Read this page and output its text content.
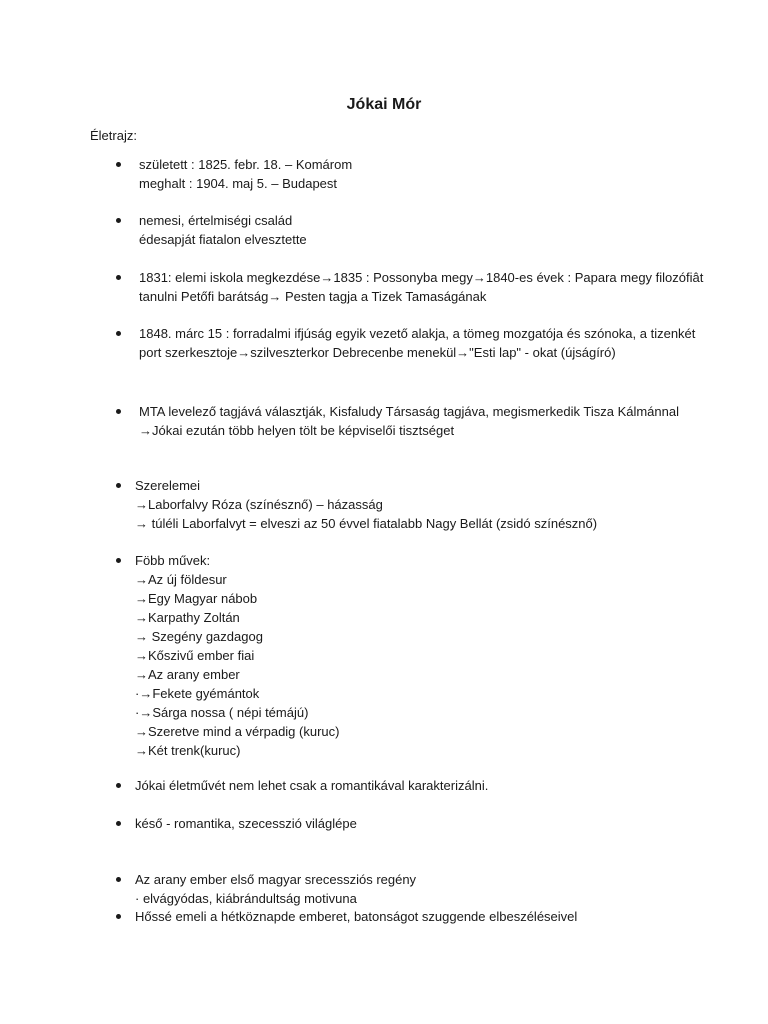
Jókai Mór
Életrajz:
született : 1825. febr. 18. – Komárom
meghalt : 1904. maj 5. – Budapest
nemesi, értelmiségi család
édesapját fiatalon elvesztette
1831: elemi iskola megkezdése→1835 : Possonyba megy→1840-es évek : Papara megy filozófiât
tanulni Petőfi barátság→ Pesten tagja a Tizek Tamaságának
1848. márc 15 : forradalmi ifjúság egyik vezető alakja, a tömeg mozgatója és szónoka, a tizenkét
port szerkesztoje→szilveszterkor Debrecenbe menekül→"Esti lap" - okat (újságíró)
MTA levelező tagjává választják, Kisfaludy Társaság tagjáva, megismerkedik Tisza Kálmánnal
→Jókai ezután több helyen tölt be képviselői tisztséget
Szerelemei
→Laborfalvy Róza (színésznő) – házasság
→ túléli Laborfalvyt = elveszi az 50 évvel fiatalabb Nagy Bellát (zsidó színésznő)
Föbb művek:
→Az új földesur
→Egy Magyar nábob
→Karpathy Zoltán
→ Szegény gazdagog
→Kőszivű ember fiai
→Az arany ember
·→Fekete gyémántok
·→Sárga nossa ( népi témájú)
→Szeretve mind a vérpadig (kuruc)
→Két trenk(kuruc)
Jókai életművét nem lehet csak a romantikával karakterizálni.
késő - romantika, szecesszió világlépe
Az arany ember első magyar srecessziós regény
· elvágyódas, kiábrándultság motivuna
Hőssé emeli a hétköznapde emberet, batonságot szuggende elbeszéléseivel
